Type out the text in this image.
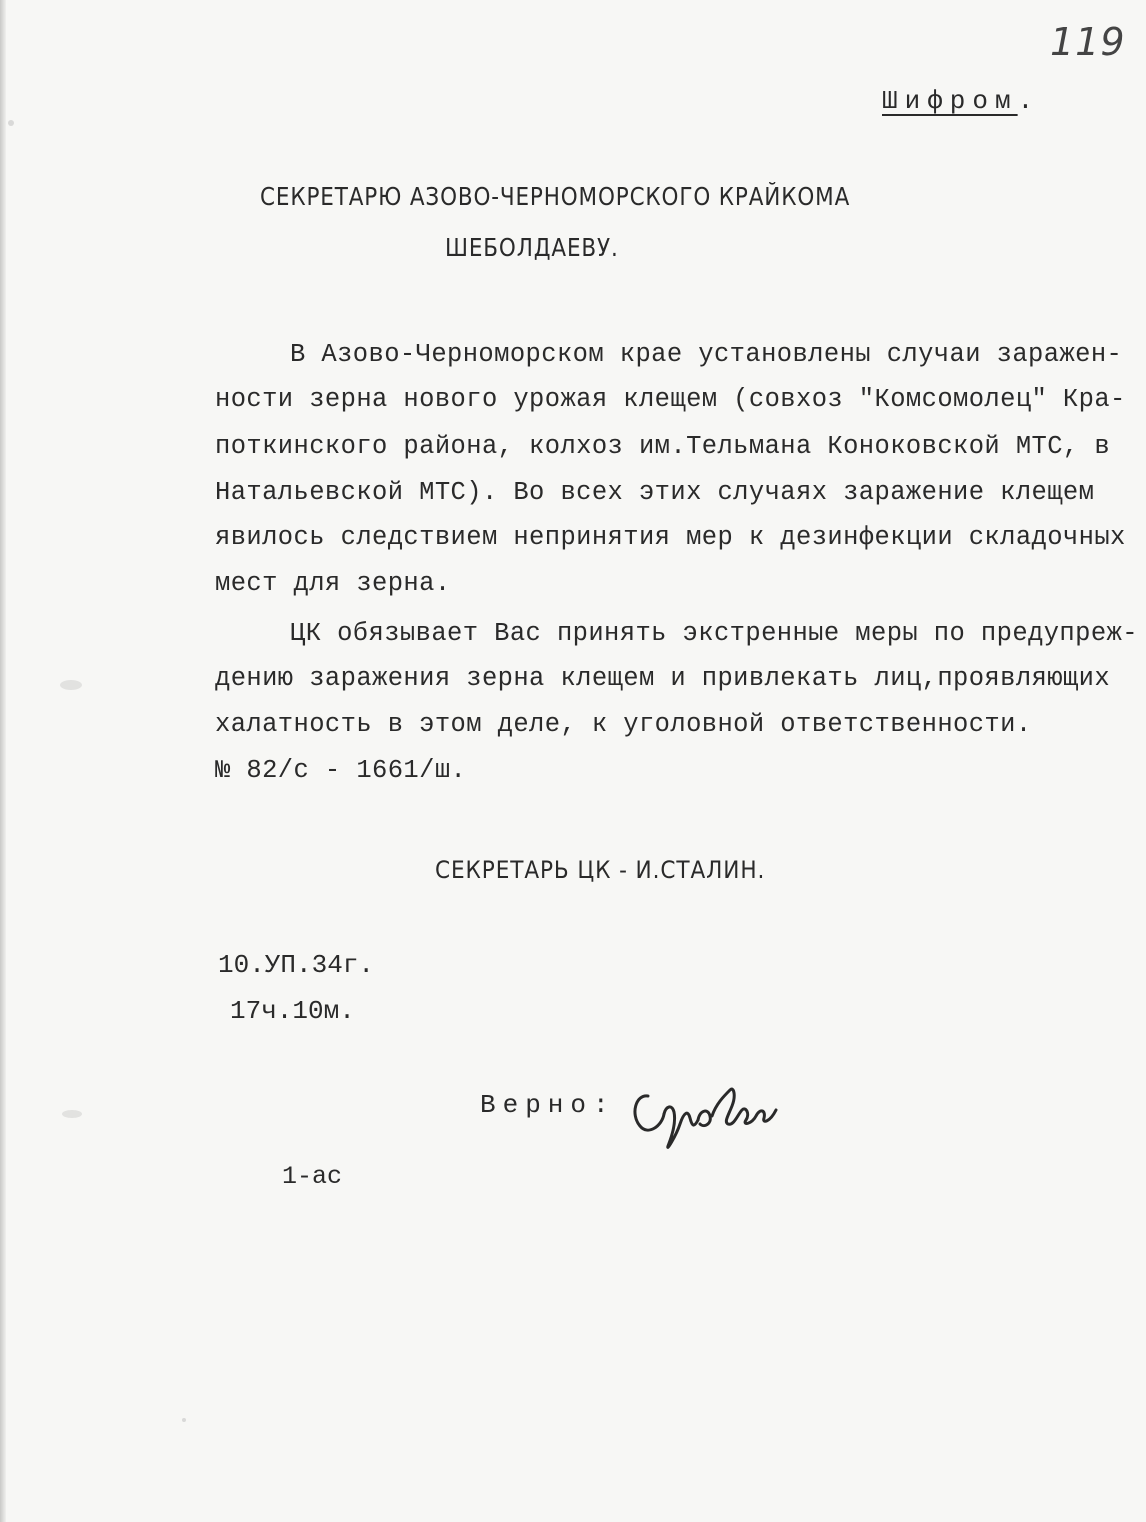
119
Шифром.
СЕКРЕТАРЮ АЗОВО-ЧЕРНОМОРСКОГО КРАЙКОМА
ШЕБОЛДАЕВУ.
В Азово-Черноморском крае установлены случаи заражен-
ности зерна нового урожая клещем (совхоз "Комсомолец" Кра-
поткинского района, колхоз им.Тельмана Коноковской МТС, в
Натальевской МТС). Во всех этих случаях заражение клещем
явилось следствием непринятия мер к дезинфекции складочных
мест для зерна.
ЦК обязывает Вас принять экстренные меры по предупреж-
дению заражения зерна клещем и привлекать лиц,проявляющих
халатность в этом деле, к уголовной ответственности.
№ 82/с - 1661/ш.
СЕКРЕТАРЬ ЦК - И.СТАЛИН.
10.УП.34г.
17ч.10м.
Верно:
1-ас
